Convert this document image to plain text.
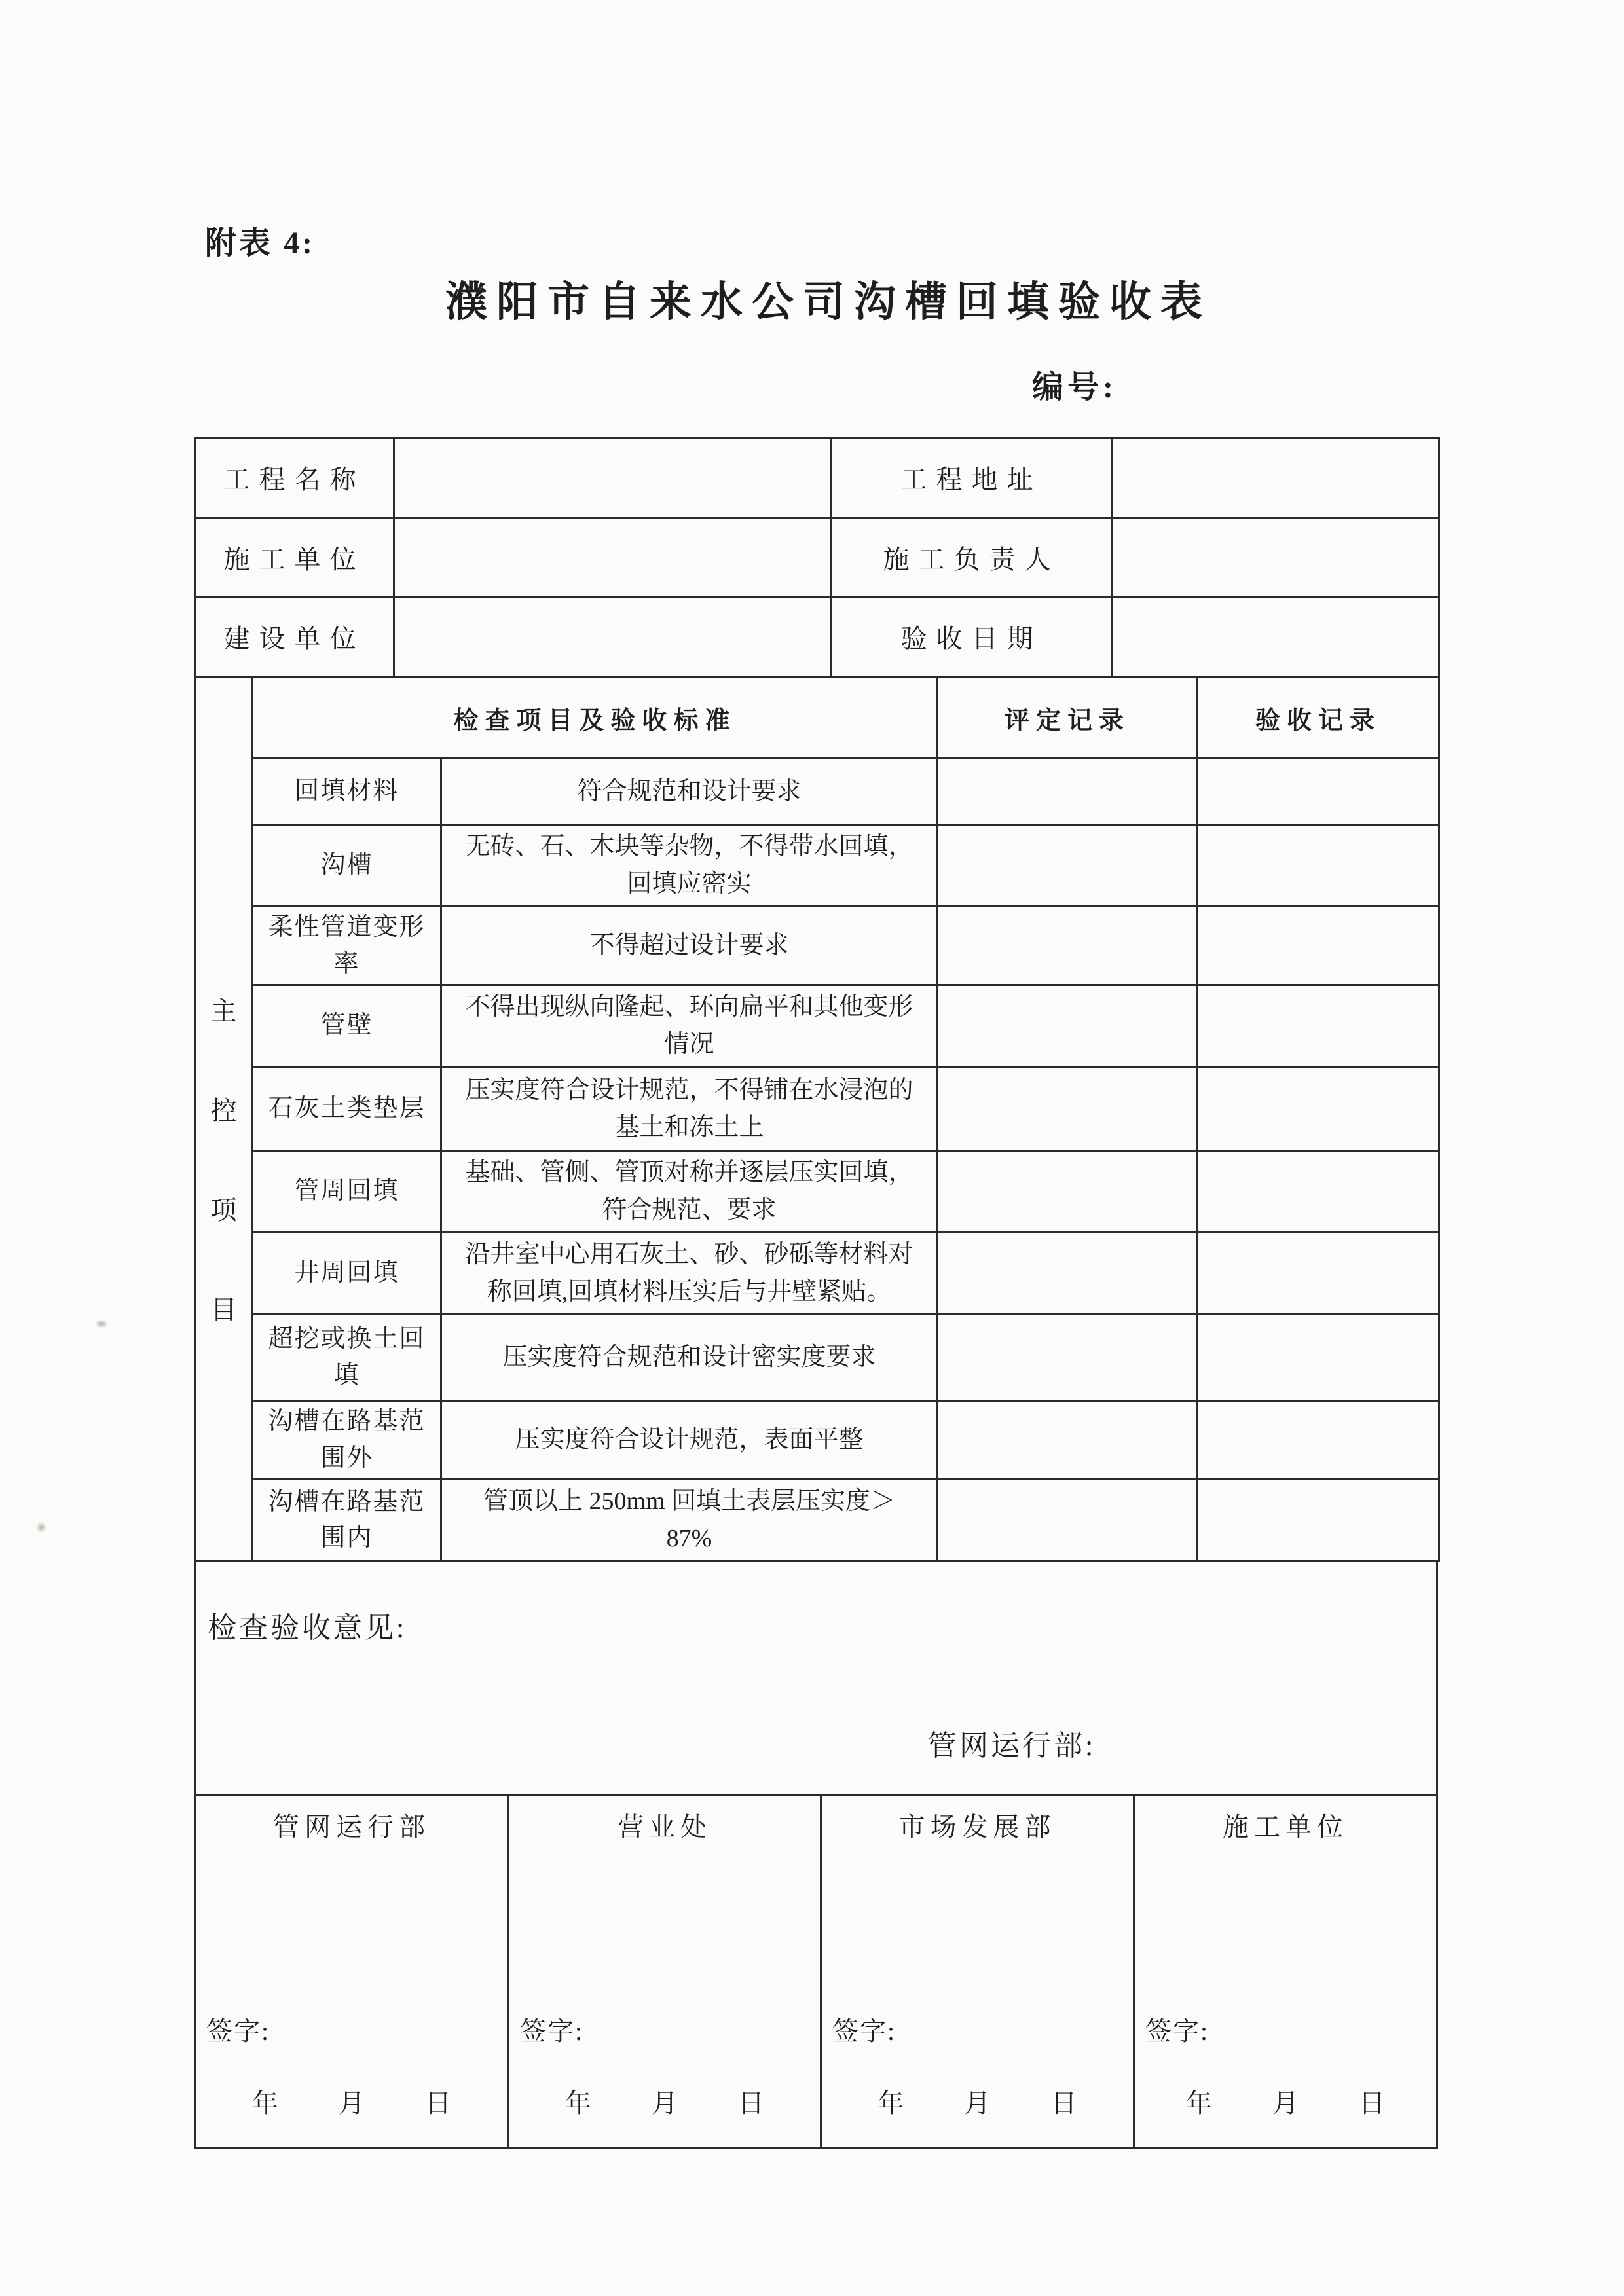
附表 4:
濮阳市自来水公司沟槽回填验收表
编号:
工程名称		工程地址	
施工单位		施工负责人	
建设单位		验收日期	
主
控
项
目	检查项目及验收标准		评定记录	验收记录
	回填材料	符合规范和设计要求		
	沟槽	无砖、石、木块等杂物，不得带水回填，回填应密实		
	柔性管道变形率	不得超过设计要求		
	管壁	不得出现纵向隆起、环向扁平和其他变形情况		
	石灰土类垫层	压实度符合设计规范，不得铺在水浸泡的基土和冻土上		
	管周回填	基础、管侧、管顶对称并逐层压实回填，符合规范、要求		
	井周回填	沿井室中心用石灰土、砂、砂砾等材料对称回填,回填材料压实后与井壁紧贴。		
	超挖或换土回填	压实度符合规范和设计密实度要求		
	沟槽在路基范围外	压实度符合设计规范，表面平整		
	沟槽在路基范围内	管顶以上 250mm 回填土表层压实度＞87%		
检查验收意见:
管网运行部:
管网运行部
签字:
年 月 日
营业处
签字:
年 月 日
市场发展部
签字:
年 月 日
施工单位
签字:
年 月 日
